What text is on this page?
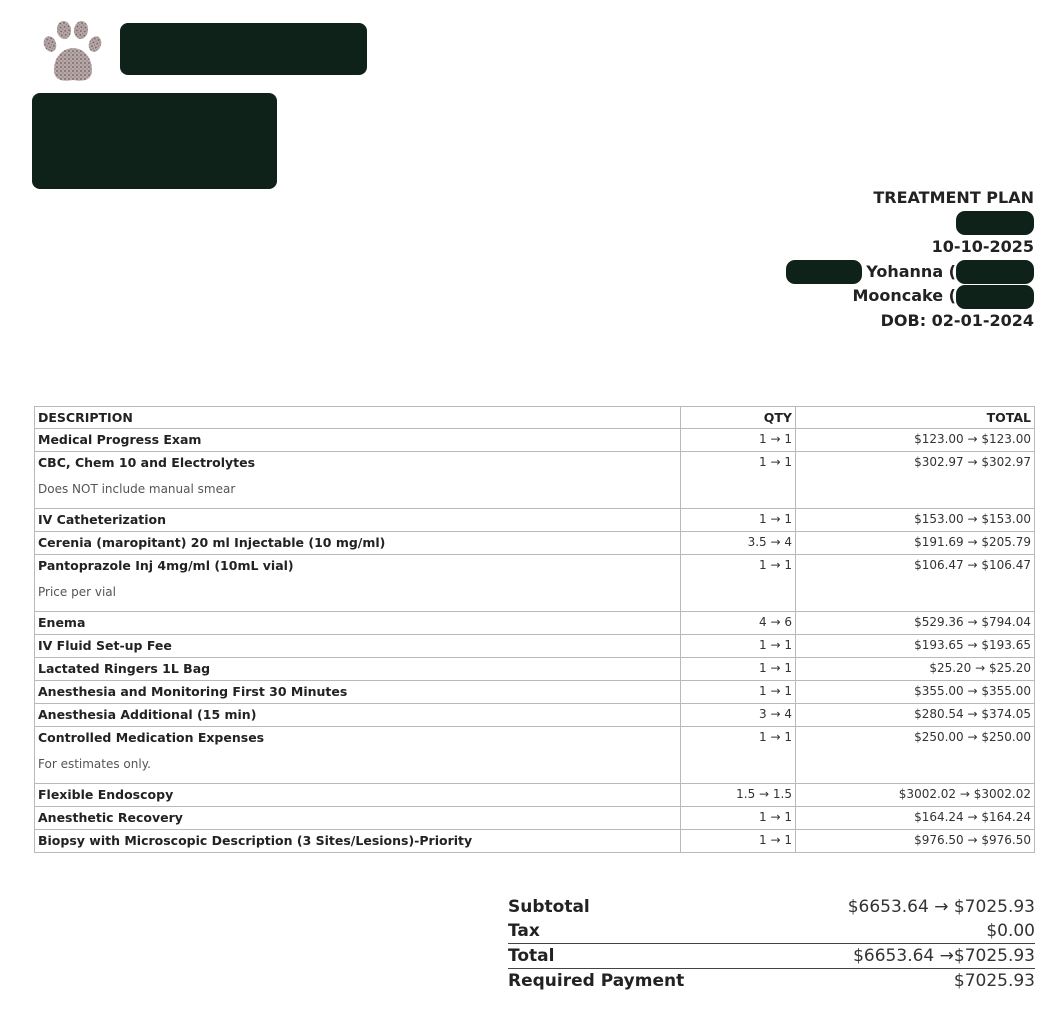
TREATMENT PLAN
10-10-2025
Yohanna (
Mooncake (
DOB: 02-01-2024
DESCRIPTION	QTY	TOTAL

Medical Progress Exam	1 → 1	$123.00 → $123.00

CBC, Chem 10 and Electrolytes
Does NOT include manual smear	1 → 1	$302.97 → $302.97

IV Catheterization	1 → 1	$153.00 → $153.00

Cerenia (maropitant) 20 ml Injectable (10 mg/ml)	3.5 → 4	$191.69 → $205.79

Pantoprazole Inj 4mg/ml (10mL vial)
Price per vial	1 → 1	$106.47 → $106.47

Enema	4 → 6	$529.36 → $794.04

IV Fluid Set-up Fee	1 → 1	$193.65 → $193.65

Lactated Ringers 1L Bag	1 → 1	$25.20 → $25.20

Anesthesia and Monitoring First 30 Minutes	1 → 1	$355.00 → $355.00

Anesthesia Additional (15 min)	3 → 4	$280.54 → $374.05

Controlled Medication Expenses
For estimates only.	1 → 1	$250.00 → $250.00

Flexible Endoscopy	1.5 → 1.5	$3002.02 → $3002.02

Anesthetic Recovery	1 → 1	$164.24 → $164.24

Biopsy with Microscopic Description (3 Sites/Lesions)-Priority	1 → 1	$976.50 → $976.50
Subtotal	$6653.64 → $7025.93
Tax	$0.00
Total	$6653.64 →$7025.93
Required Payment	$7025.93
